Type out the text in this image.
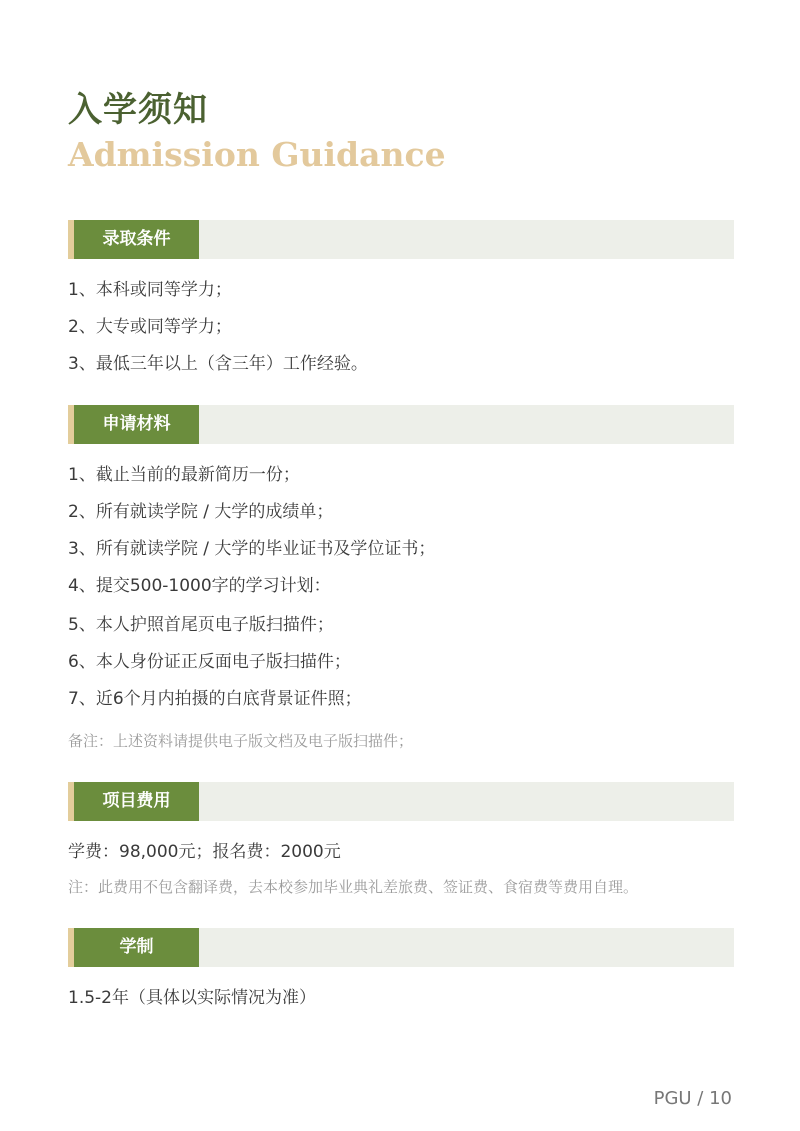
入学须知
Admission Guidance
录取条件

1、本科或同等学力；

2、大专或同等学力；

3、最低三年以上（含三年）工作经验。

申请材料

1、截止当前的最新简历一份；

2、所有就读学院 / 大学的成绩单；

3、所有就读学院 / 大学的毕业证书及学位证书；

4、提交500-1000字的学习计划：

5、本人护照首尾页电子版扫描件；

6、本人身份证正反面电子版扫描件；

7、近6个月内拍摄的白底背景证件照；

备注：上述资料请提供电子版文档及电子版扫描件；

项目费用

学费：98,000元；报名费：2000元

注：此费用不包含翻译费，去本校参加毕业典礼差旅费、签证费、食宿费等费用自理。

学制

1.5-2年（具体以实际情况为准）

PGU / 10
